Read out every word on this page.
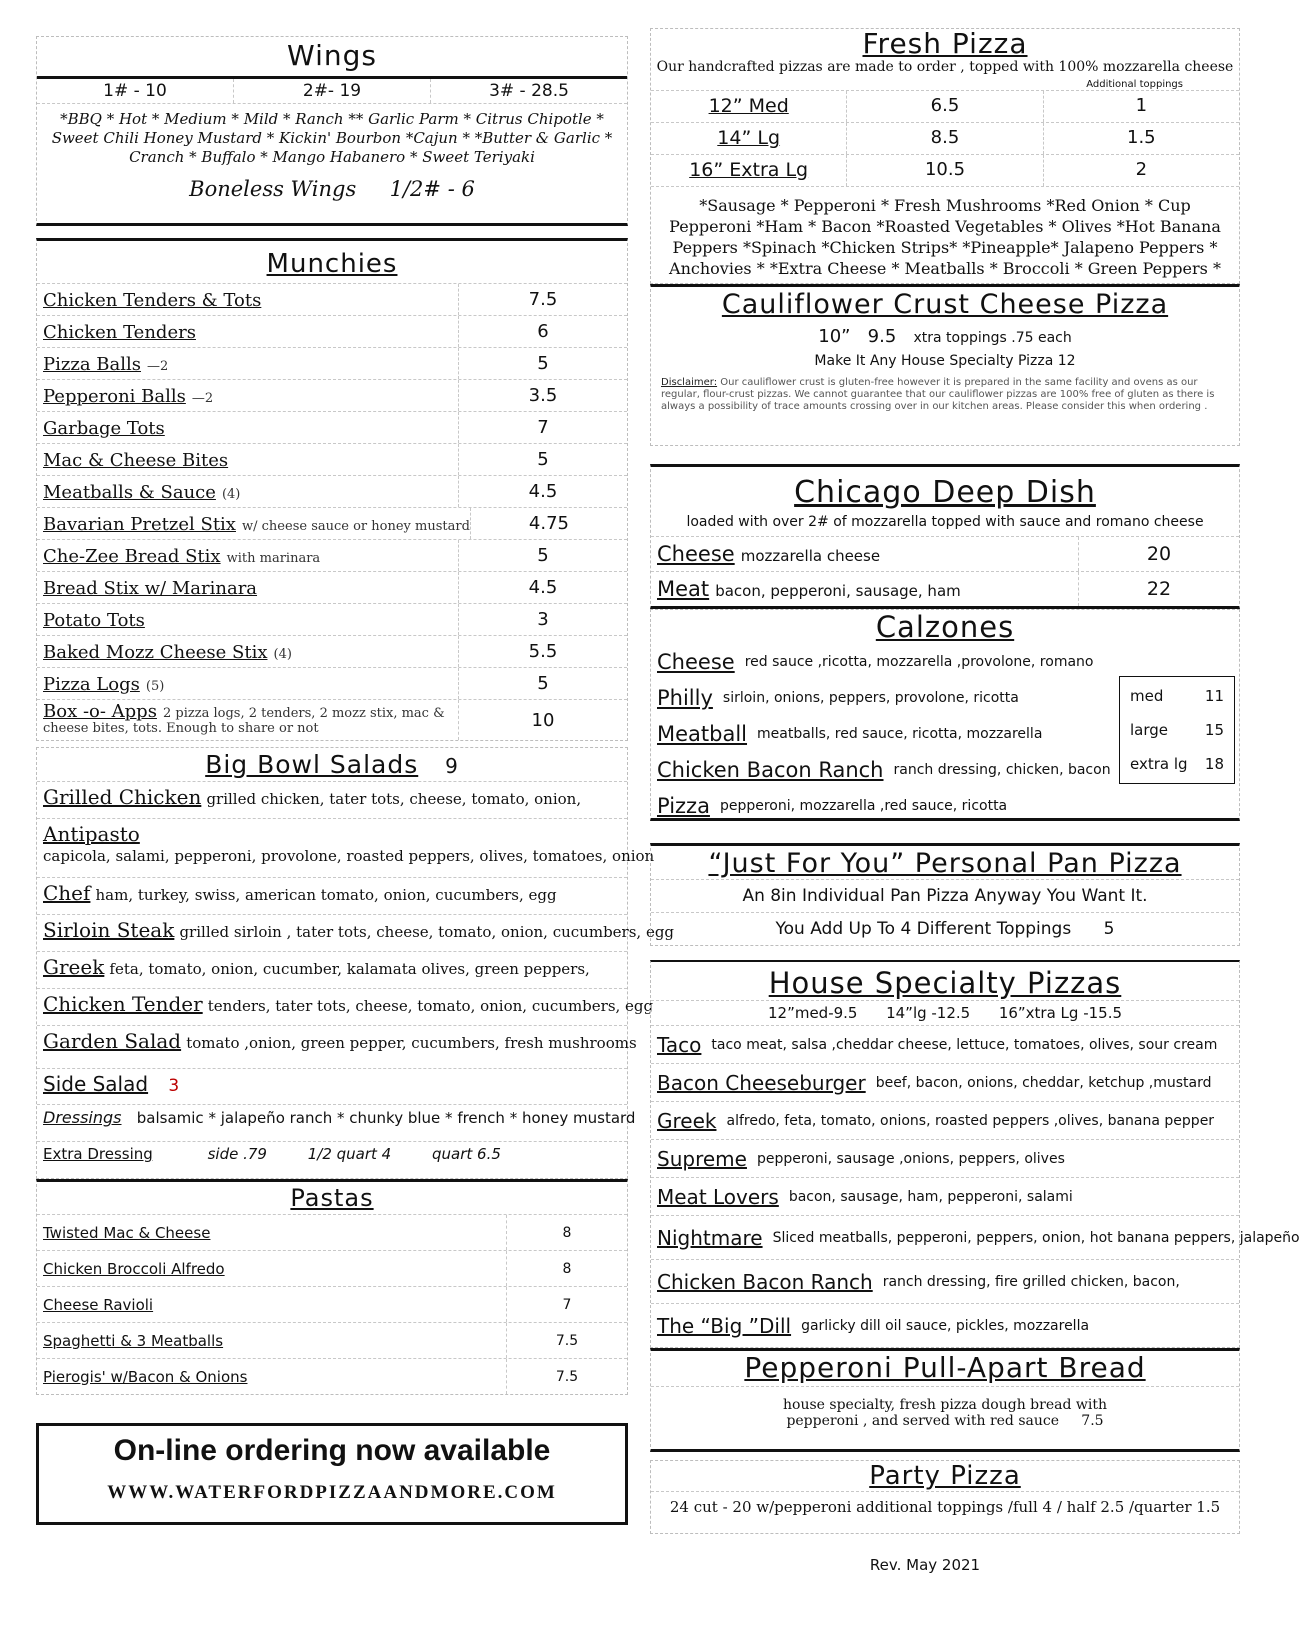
Wings
1# - 10	2#- 19	3# - 28.5
*BBQ * Hot * Medium * Mild * Ranch ** Garlic Parm * Citrus Chipotle * Sweet Chili Honey Mustard * Kickin' Bourbon *Cajun * *Butter & Garlic * Cranch * Buffalo * Mango Habanero * Sweet Teriyaki
Boneless Wings 1/2# - 6
Munchies
Chicken Tenders & Tots	7.5
Chicken Tenders	6
Pizza Balls —2	5
Pepperoni Balls —2	3.5
Garbage Tots	7
Mac & Cheese Bites	5
Meatballs & Sauce (4)	4.5
Bavarian Pretzel Stix w/ cheese sauce or honey mustard	4.75
Che-Zee Bread Stix with marinara	5
Bread Stix w/ Marinara	4.5
Potato Tots	3
Baked Mozz Cheese Stix (4)	5.5
Pizza Logs (5)	5
Box -o- Apps 2 pizza logs, 2 tenders, 2 mozz stix, mac & cheese bites, tots. Enough to share or not	10
Big Bowl Salads 9
Grilled Chicken grilled chicken, tater tots, cheese, tomato, onion,
Antipasto
capicola, salami, pepperoni, provolone, roasted peppers, olives, tomatoes, onion
Chef ham, turkey, swiss, american tomato, onion, cucumbers, egg
Sirloin Steak grilled sirloin , tater tots, cheese, tomato, onion, cucumbers, egg
Greek feta, tomato, onion, cucumber, kalamata olives, green peppers,
Chicken Tender tenders, tater tots, cheese, tomato, onion, cucumbers, egg
Garden Salad tomato ,onion, green pepper, cucumbers, fresh mushrooms
Side Salad 3
Dressings balsamic * jalapeño ranch * chunky blue * french * honey mustard
Extra Dressing	side .79	1/2 quart 4	quart 6.5
Pastas
Twisted Mac & Cheese	8
Chicken Broccoli Alfredo	8
Cheese Ravioli	7
Spaghetti & 3 Meatballs	7.5
Pierogis' w/Bacon & Onions	7.5
On-line ordering now available
WWW.WATERFORDPIZZAANDMORE.COM
Fresh Pizza
Our handcrafted pizzas are made to order , topped with 100% mozzarella cheese
Additional toppings
12” Med	6.5	1
14” Lg	8.5	1.5
16” Extra Lg	10.5	2
*Sausage * Pepperoni * Fresh Mushrooms *Red Onion * Cup Pepperoni *Ham * Bacon *Roasted Vegetables * Olives *Hot Banana Peppers *Spinach *Chicken Strips* *Pineapple* Jalapeno Peppers * Anchovies * *Extra Cheese * Meatballs * Broccoli * Green Peppers *
Cauliflower Crust Cheese Pizza
10” 9.5 xtra toppings .75 each
Make It Any House Specialty Pizza 12
Disclaimer: Our cauliflower crust is gluten-free however it is prepared in the same facility and ovens as our regular, flour-crust pizzas. We cannot guarantee that our cauliflower pizzas are 100% free of gluten as there is always a possibility of trace amounts crossing over in our kitchen areas. Please consider this when ordering .
Chicago Deep Dish
loaded with over 2# of mozzarella topped with sauce and romano cheese
Cheese mozzarella cheese	20
Meat bacon, pepperoni, sausage, ham	22
Calzones
Cheese red sauce ,ricotta, mozzarella ,provolone, romano
Philly sirloin, onions, peppers, provolone, ricotta
Meatball meatballs, red sauce, ricotta, mozzarella
Chicken Bacon Ranch ranch dressing, chicken, bacon
Pizza pepperoni, mozzarella ,red sauce, ricotta
med	11
large 15
extra lg 18
“Just For You” Personal Pan Pizza
An 8in Individual Pan Pizza Anyway You Want It.
You Add Up To 4 Different Toppings 5
House Specialty Pizzas
12”med-9.5      14”lg -12.5      16”xtra Lg -15.5
Taco taco meat, salsa ,cheddar cheese, lettuce, tomatoes, olives, sour cream
Bacon Cheeseburger beef, bacon, onions, cheddar, ketchup ,mustard
Greek alfredo, feta, tomato, onions, roasted peppers ,olives, banana pepper
Supreme pepperoni, sausage ,onions, peppers, olives
Meat Lovers bacon, sausage, ham, pepperoni, salami
Nightmare Sliced meatballs, pepperoni, peppers, onion, hot banana peppers, jalapeño
Chicken Bacon Ranch ranch dressing, fire grilled chicken, bacon,
The “Big ”Dill garlicky dill oil sauce, pickles, mozzarella
Pepperoni Pull-Apart Bread
house specialty, fresh pizza dough bread with
pepperoni , and served with red sauce 7.5
Party Pizza
24 cut - 20 w/pepperoni additional toppings /full 4 / half 2.5 /quarter 1.5
Rev. May 2021
